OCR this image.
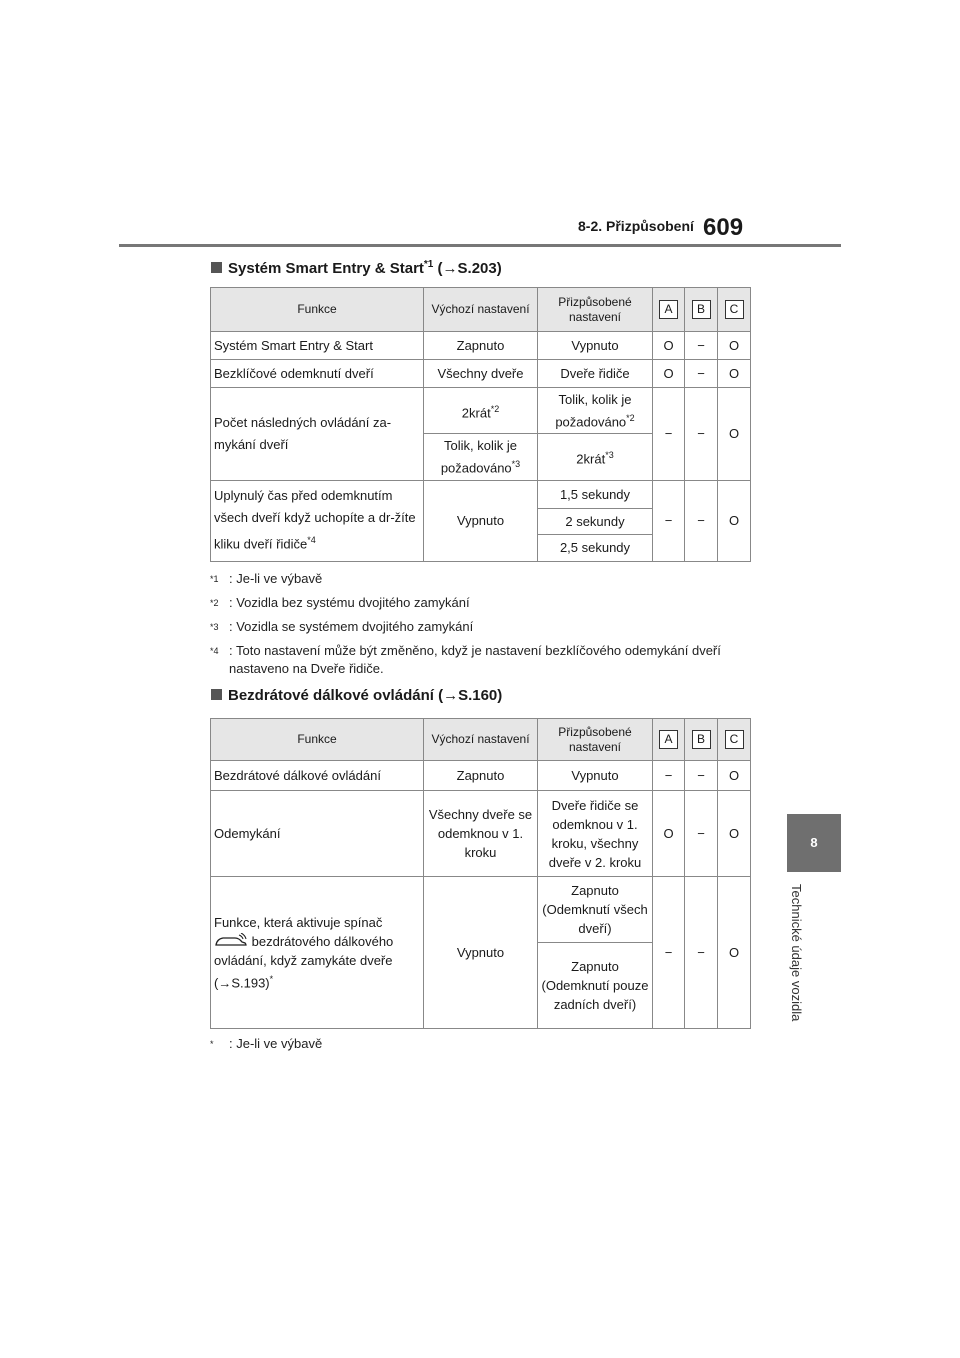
8-2. Přizpůsobení 609
8
Technické údaje vozidla
Systém Smart Entry & Start$^{*1}$ (→S.203)
Funkce	Výchozí nastavení	Přizpůsobené nastavení	A	B	C
Systém Smart Entry & Start	Zapnuto	Vypnuto	O	−	O
Bezklíčové odemknutí dveří	Všechny dveře	Dveře řidiče	O	−	O
Počet následných ovládání za-mykání dveří	2krát$^{*2}$	Tolik, kolik je požadováno$^{*2}$	−	−	O
	Tolik, kolik je požadováno$^{*3}$	2krát$^{*3}$
Uplynulý čas před odemknutím všech dveří když uchopíte a dr-žíte kliku dveří řidiče$^{*4}$	Vypnuto	1,5 sekundy	−	−	O
		2 sekundy			
		2,5 sekundy			
*1 : Je-li ve výbavě
*2 : Vozidla bez systému dvojitého zamykání
*3 : Vozidla se systémem dvojitého zamykání
*4 : Toto nastavení může být změněno, když je nastavení bezklíčového odemykání dveří nastaveno na Dveře řidiče.
Bezdrátové dálkové ovládání (→S.160)
Funkce	Výchozí nastavení	Přizpůsobené nastavení	A	B	C
Bezdrátové dálkové ovládání	Zapnuto	Vypnuto	−	−	O
Odemykání	Všechny dveře se odemknou v 1. kroku	Dveře řidiče se odemknou v 1. kroku, všechny dveře v 2. kroku	O	−	O
Funkce, která aktivuje spínač
bezdrátového dálkového ovládání, když zamykáte dveře
(→S.193)*	Vypnuto	Zapnuto (Odemknutí všech dveří)	−	−	O
		Zapnuto (Odemknutí pouze zadních dveří)			
* : Je-li ve výbavě
